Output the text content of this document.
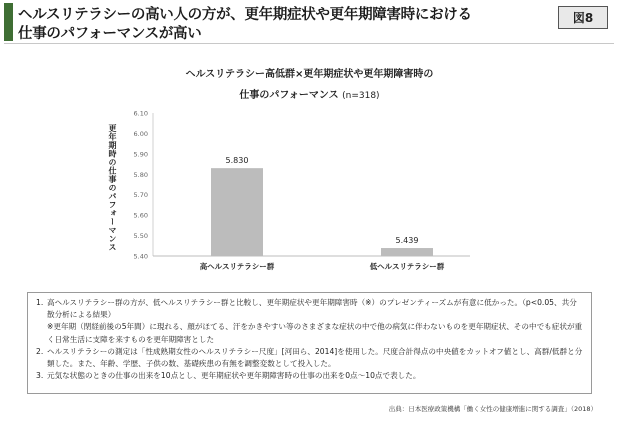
ヘルスリテラシーの高い人の方が、更年期症状や更年期障害時における
仕事のパフォーマンスが高い
図8
ヘルスリテラシー高低群×更年期症状や更年期障害時の
仕事のパフォーマンス (n=318)
更年期時の仕事のパフォーマンス
5.40
5.50
5.60
5.70
5.80
5.90
6.00
6.10
5.830
高ヘルスリテラシー群
5.439
低ヘルスリテラシー群
1. 高ヘルスリテラシー群の方が、低ヘルスリテラシー群と比較し、更年期症状や更年期障害時（※）のプレゼンティーズムが有意に低かった。（p<0.05、共分散分析による結果）
※更年期（閉経前後の5年間）に現れる、顔がほてる、汗をかきやすい等のさまざまな症状の中で他の病気に伴わないものを更年期症状、その中でも症状が重く日常生活に支障を来すものを更年期障害とした
2. ヘルスリテラシーの測定は「性成熟期女性のヘルスリテラシー尺度」[河田ら、2014]を使用した。尺度合計得点の中央値をカットオフ値とし、高群/低群と分類した。また、年齢、学歴、子供の数、基礎疾患の有無を調整変数として投入した。
3. 元気な状態のときの仕事の出来を10点とし、更年期症状や更年期障害時の仕事の出来を0点〜10点で表した。
出典：日本医療政策機構「働く女性の健康増進に関する調査」（2018）
